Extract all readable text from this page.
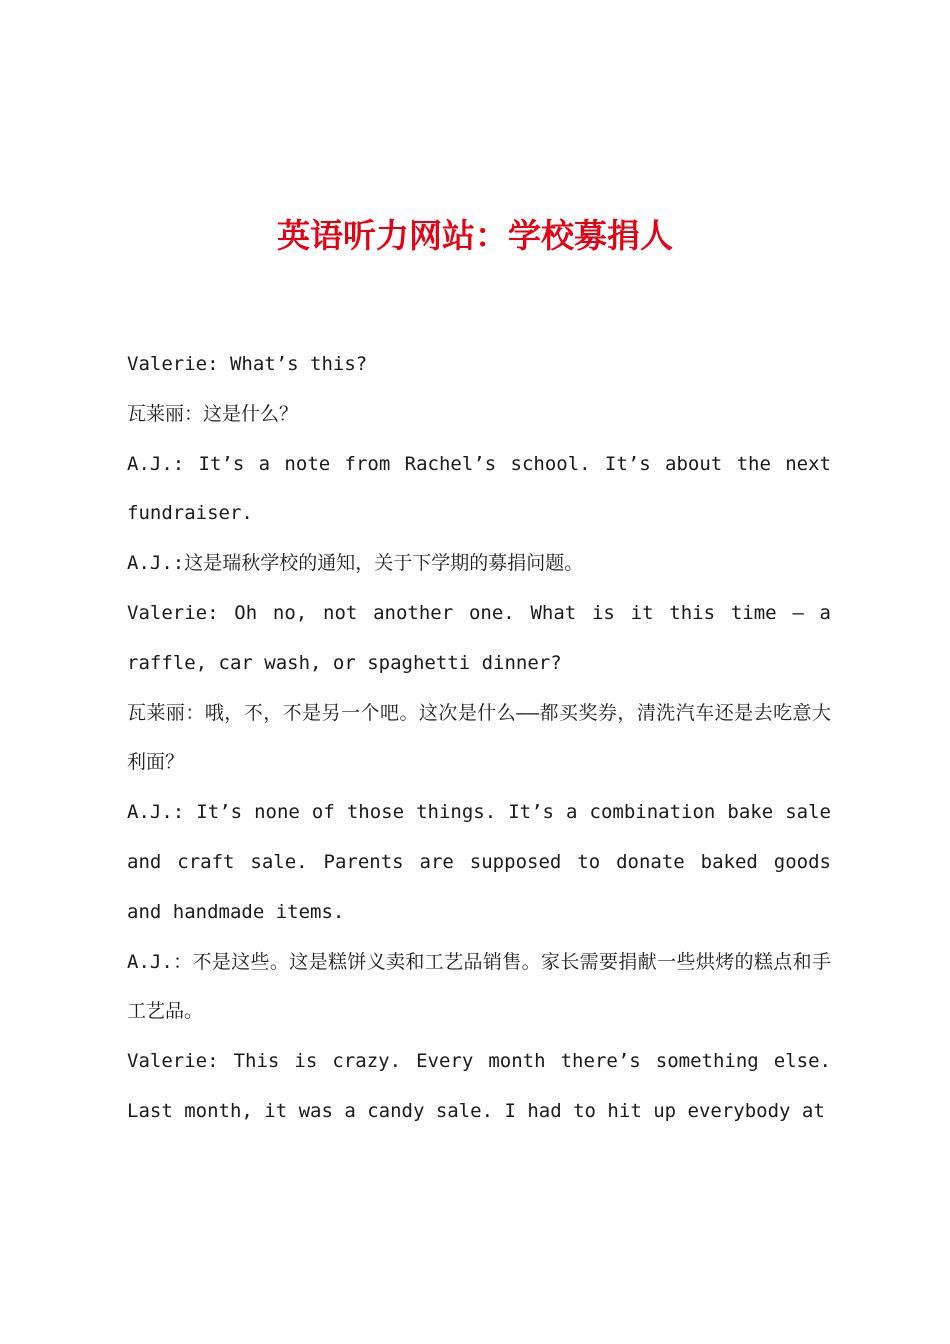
英语听力网站：学校募捐人

Valerie: What’s this?

瓦莱丽：这是什么？

A.J.: It’s a note from Rachel’s school. It’s about the next fundraiser.

A.J.:这是瑞秋学校的通知，关于下学期的募捐问题。

Valerie: Oh no, not another one. What is it this time – a raffle, car wash, or spaghetti dinner?

瓦莱丽：哦，不，不是另一个吧。这次是什么——都买奖券，清洗汽车还是去吃意大利面？

A.J.: It’s none of those things. It’s a combination bake sale and craft sale. Parents are supposed to donate baked goods and handmade items.

A.J.：不是这些。这是糕饼义卖和工艺品销售。家长需要捐献一些烘烤的糕点和手工艺品。

Valerie: This is crazy. Every month there’s something else. Last month, it was a candy sale. I had to hit up everybody at
